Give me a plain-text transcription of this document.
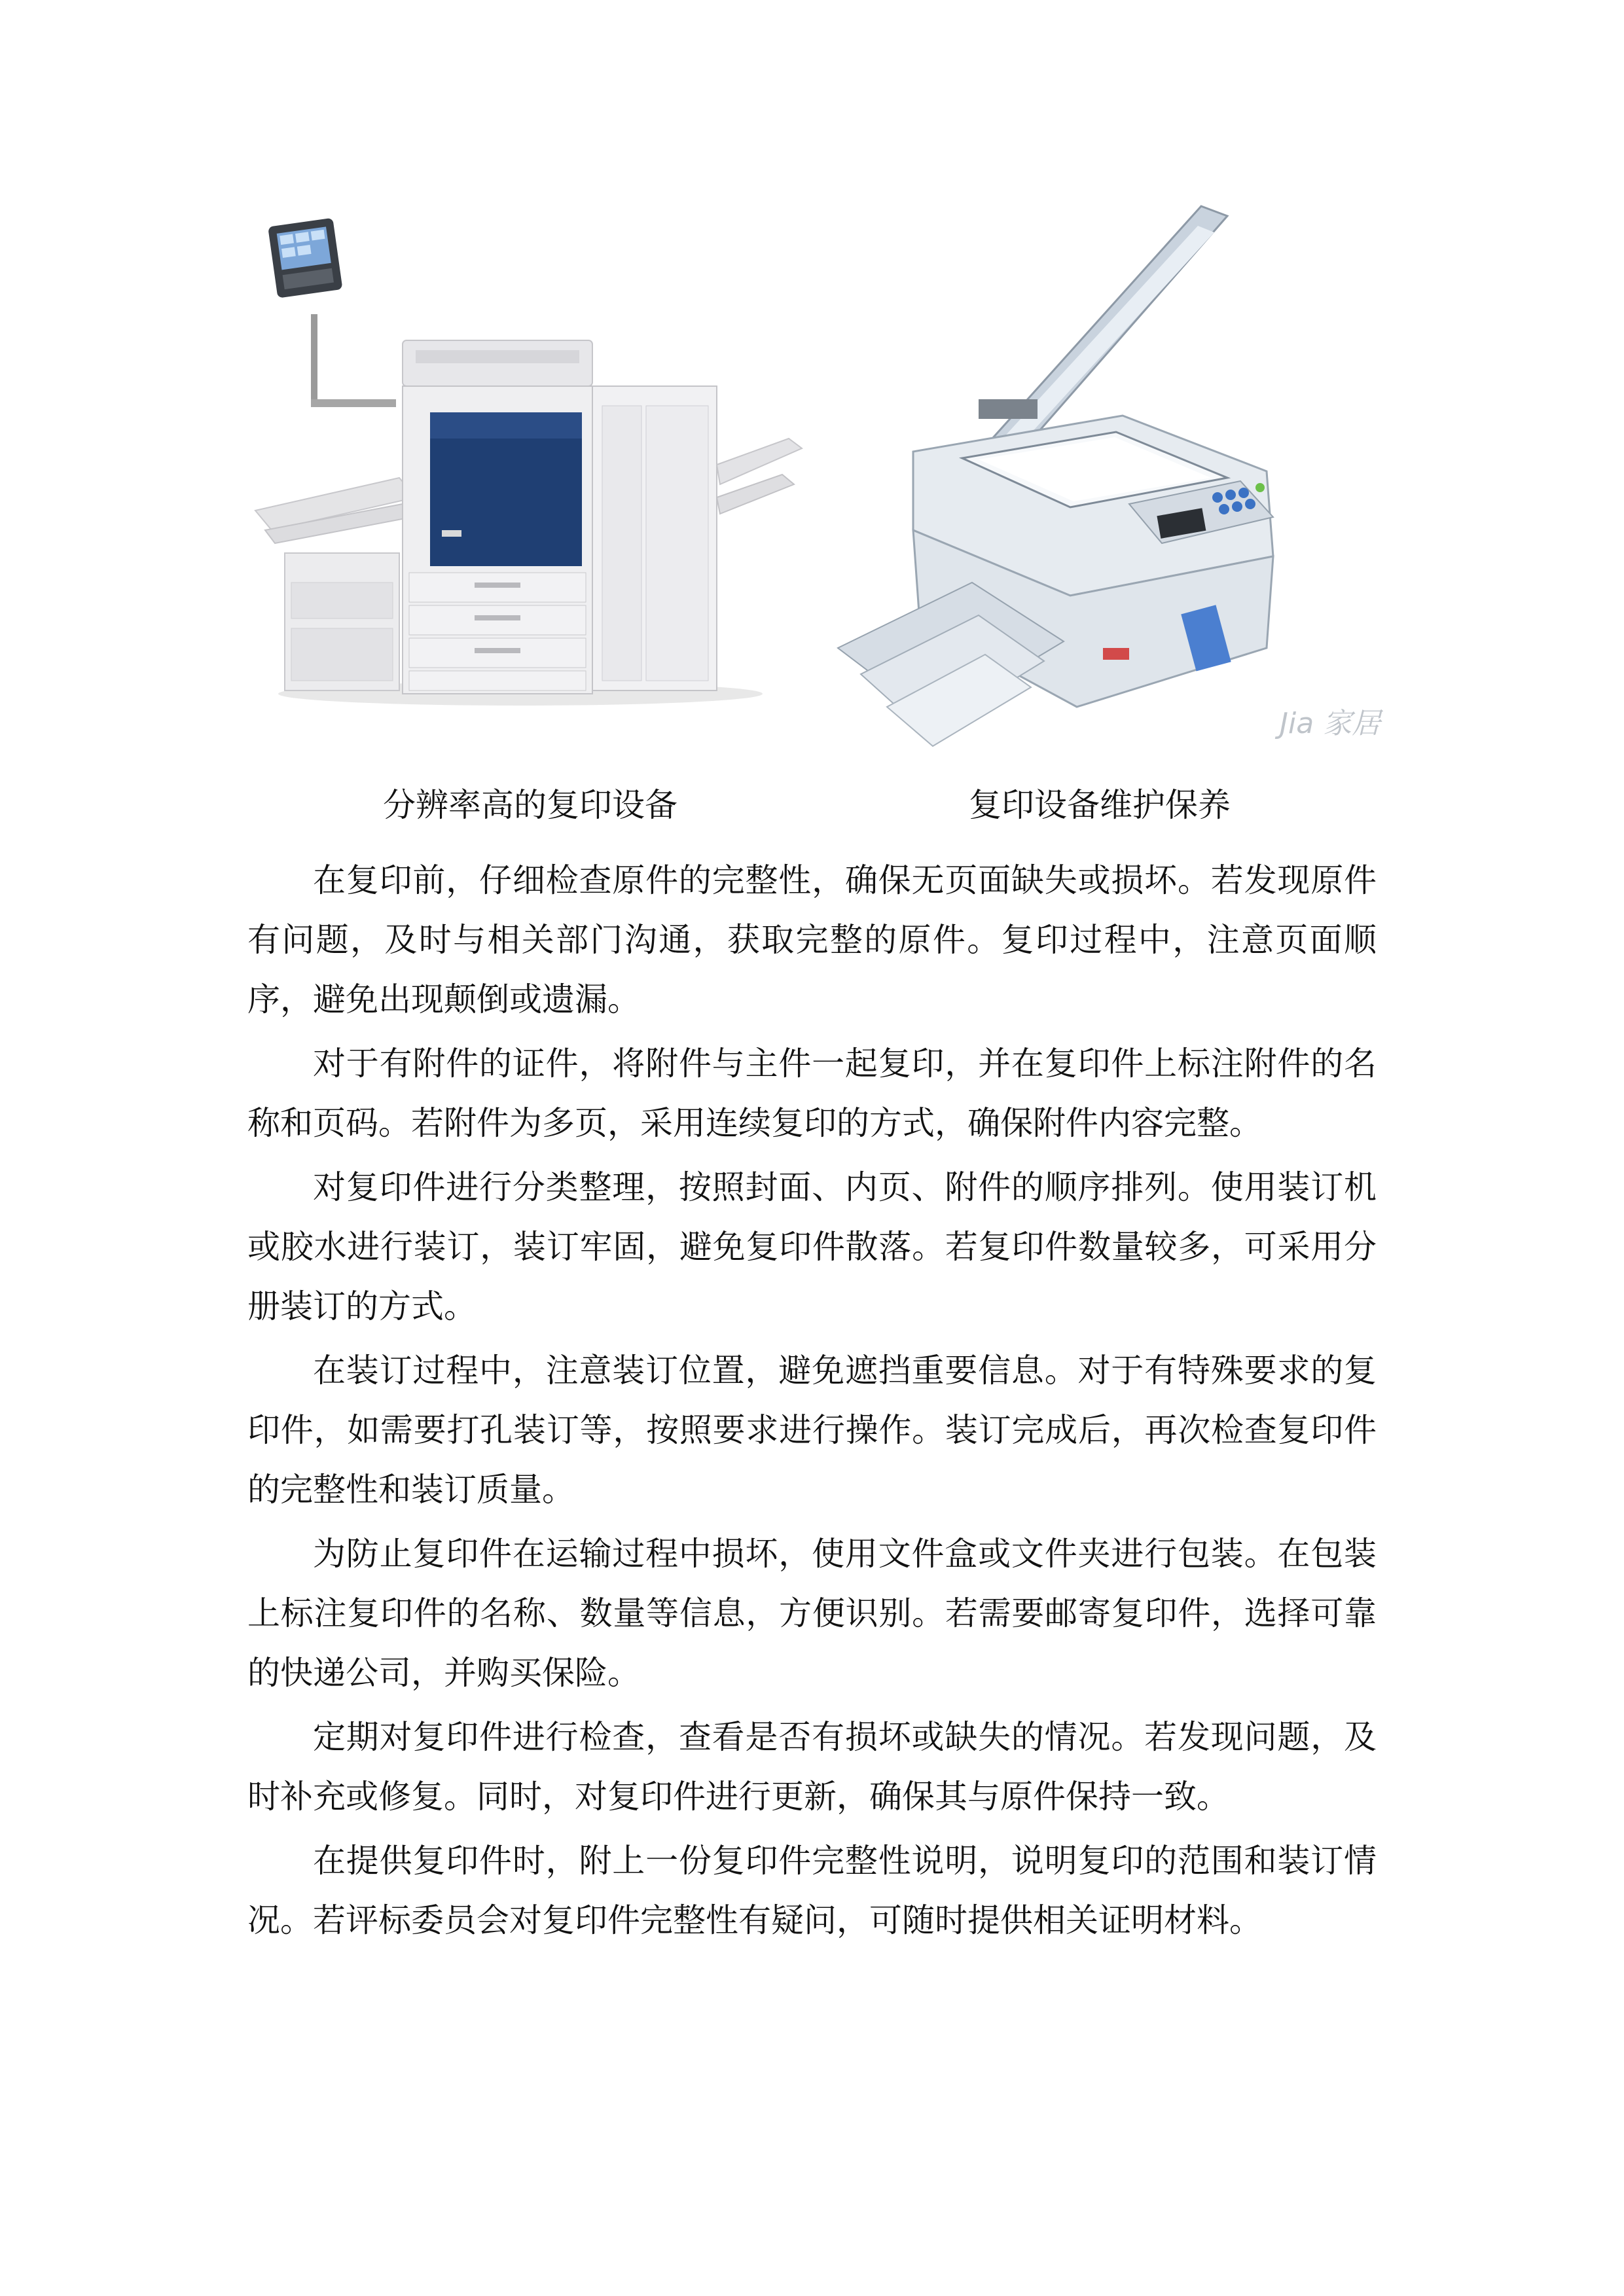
Jia 家居
分辨率高的复印设备	复印设备维护保养

在复印前，仔细检查原件的完整性，确保无页面缺失或损坏。若发现原件有问题，及时与相关部门沟通，获取完整的原件。复印过程中，注意页面顺序，避免出现颠倒或遗漏。

对于有附件的证件，将附件与主件一起复印，并在复印件上标注附件的名称和页码。若附件为多页，采用连续复印的方式，确保附件内容完整。

对复印件进行分类整理，按照封面、内页、附件的顺序排列。使用装订机或胶水进行装订，装订牢固，避免复印件散落。若复印件数量较多，可采用分册装订的方式。

在装订过程中，注意装订位置，避免遮挡重要信息。对于有特殊要求的复印件，如需要打孔装订等，按照要求进行操作。装订完成后，再次检查复印件的完整性和装订质量。

为防止复印件在运输过程中损坏，使用文件盒或文件夹进行包装。在包装上标注复印件的名称、数量等信息，方便识别。若需要邮寄复印件，选择可靠的快递公司，并购买保险。

定期对复印件进行检查，查看是否有损坏或缺失的情况。若发现问题，及时补充或修复。同时，对复印件进行更新，确保其与原件保持一致。

在提供复印件时，附上一份复印件完整性说明，说明复印的范围和装订情况。若评标委员会对复印件完整性有疑问，可随时提供相关证明材料。
